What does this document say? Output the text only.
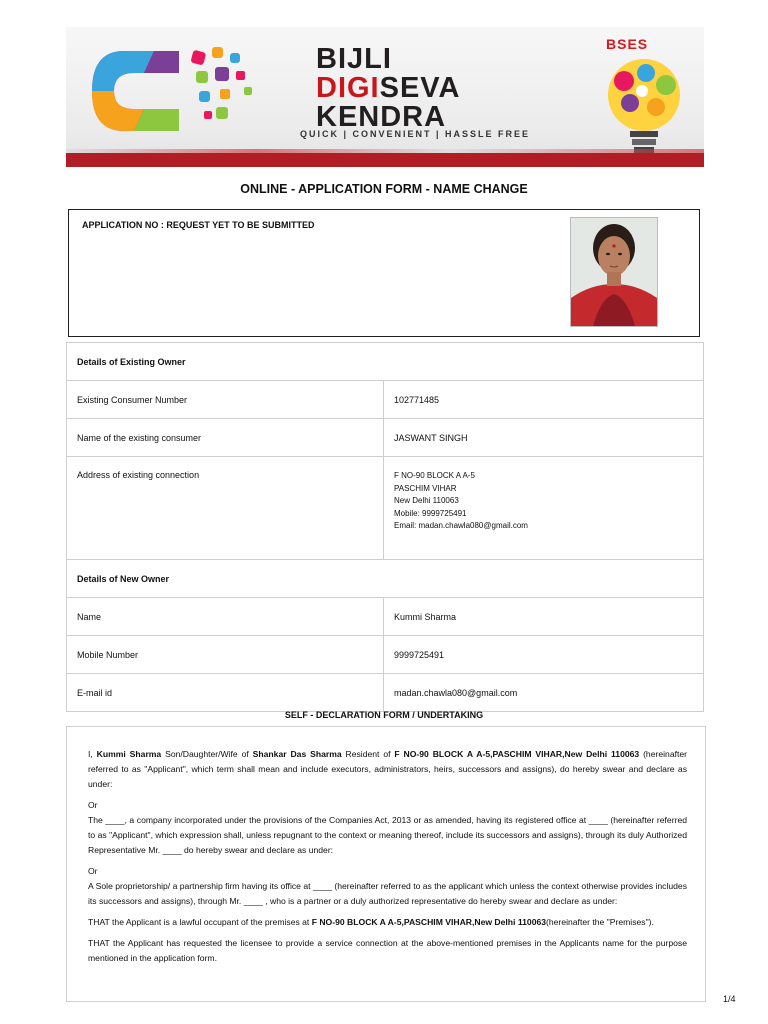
BIJLI
DIGISEVA
KENDRA
QUICK | CONVENIENT | HASSLE FREE
BSES
ONLINE - APPLICATION FORM - NAME CHANGE
APPLICATION NO : REQUEST YET TO BE SUBMITTED
Details of Existing Owner	
Existing Consumer Number	102771485
Name of the existing consumer	JASWANT SINGH
Address of existing connection	F NO-90 BLOCK A A-5
PASCHIM VIHAR
New Delhi 110063
Mobile: 9999725491
Email: madan.chawla080@gmail.com

Details of New Owner	
Name	Kummi Sharma
Mobile Number	9999725491
E-mail id	madan.chawla080@gmail.com
SELF - DECLARATION FORM / UNDERTAKING

I, Kummi Sharma Son/Daughter/Wife of Shankar Das Sharma Resident of F NO-90 BLOCK A A-5,PASCHIM VIHAR,New Delhi 110063 (hereinafter referred to as "Applicant", which term shall mean and include executors, administrators, heirs, successors and assigns), do hereby swear and declare as under:

Or

The ____, a company incorporated under the provisions of the Companies Act, 2013 or as amended, having its registered office at ____ (hereinafter referred to as "Applicant", which expression shall, unless repugnant to the context or meaning thereof, include its successors and assigns), through its duly Authorized Representative Mr. ____ do hereby swear and declare as under:

Or

A Sole proprietorship/ a partnership firm having its office at ____ (hereinafter referred to as the applicant which unless the context otherwise provides includes its successors and assigns), through Mr. ____ , who is a partner or a duly authorized representative do hereby swear and declare as under:

THAT the Applicant is a lawful occupant of the premises at F NO-90 BLOCK A A-5,PASCHIM VIHAR,New Delhi 110063(hereinafter the "Premises").

THAT the Applicant has requested the licensee to provide a service connection at the above-mentioned premises in the Applicants name for the purpose mentioned in the application form.

1/4
